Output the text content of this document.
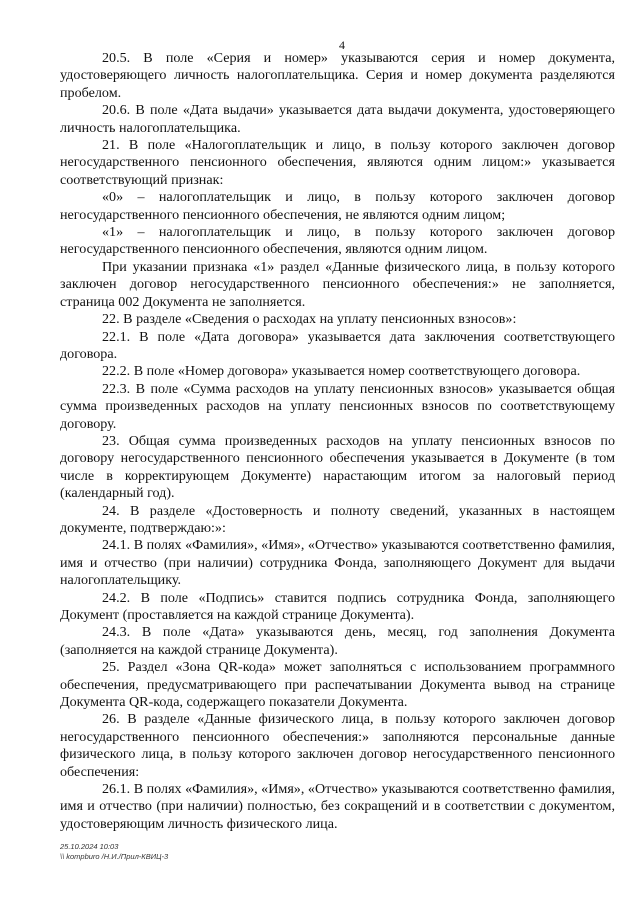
4

20.5. В поле «Серия и номер» указываются серия и номер документа, удостоверяющего личность налогоплательщика. Серия и номер документа разделяются пробелом.

20.6. В поле «Дата выдачи» указывается дата выдачи документа, удостоверяющего личность налогоплательщика.

21. В поле «Налогоплательщик и лицо, в пользу которого заключен договор негосударственного пенсионного обеспечения, являются одним лицом:» указывается соответствующий признак:

«0» – налогоплательщик и лицо, в пользу которого заключен договор негосударственного пенсионного обеспечения, не являются одним лицом;

«1» – налогоплательщик и лицо, в пользу которого заключен договор негосударственного пенсионного обеспечения, являются одним лицом.

При указании признака «1» раздел «Данные физического лица, в пользу которого заключен договор негосударственного пенсионного обеспечения:» не заполняется, страница 002 Документа не заполняется.

22. В разделе «Сведения о расходах на уплату пенсионных взносов»:

22.1. В поле «Дата договора» указывается дата заключения соответствующего договора.

22.2. В поле «Номер договора» указывается номер соответствующего договора.

22.3. В поле «Сумма расходов на уплату пенсионных взносов» указывается общая сумма произведенных расходов на уплату пенсионных взносов по соответствующему договору.

23. Общая сумма произведенных расходов на уплату пенсионных взносов по договору негосударственного пенсионного обеспечения указывается в Документе (в том числе в корректирующем Документе) нарастающим итогом за налоговый период (календарный год).

24. В разделе «Достоверность и полноту сведений, указанных в настоящем документе, подтверждаю:»:

24.1. В полях «Фамилия», «Имя», «Отчество» указываются соответственно фамилия, имя и отчество (при наличии) сотрудника Фонда, заполняющего Документ для выдачи налогоплательщику.

24.2. В поле «Подпись» ставится подпись сотрудника Фонда, заполняющего Документ (проставляется на каждой странице Документа).

24.3. В поле «Дата» указываются день, месяц, год заполнения Документа (заполняется на каждой странице Документа).

25. Раздел «Зона QR-кода» может заполняться с использованием программного обеспечения, предусматривающего при распечатывании Документа вывод на странице Документа QR-кода, содержащего показатели Документа.

26. В разделе «Данные физического лица, в пользу которого заключен договор негосударственного пенсионного обеспечения:» заполняются персональные данные физического лица, в пользу которого заключен договор негосударственного пенсионного обеспечения:

26.1. В полях «Фамилия», «Имя», «Отчество» указываются соответственно фамилия, имя и отчество (при наличии) полностью, без сокращений и в соответствии с документом, удостоверяющим личность физического лица.

25.10.2024 10:03
\\ kompburo /Н.И./Прил-КВИЦ-3
